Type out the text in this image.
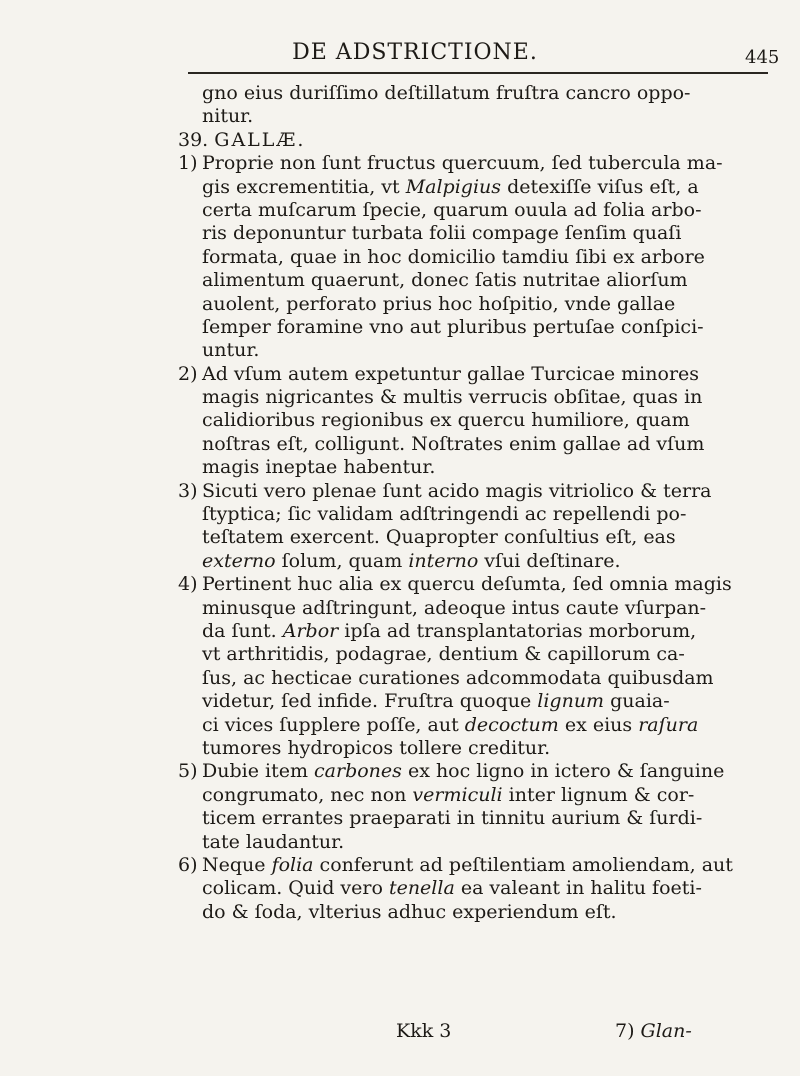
DE ADSTRICTIONE.	445
gno eius duriſſimo deſtillatum fruſtra cancro oppo-
nitur.
39. GALLÆ.
1) Proprie non ſunt fructus quercuum, ſed tubercula ma-
gis excrementitia, vt Malpigius detexiſſe viſus eſt, a
certa muſcarum ſpecie, quarum ouula ad folia arbo-
ris deponuntur turbata folii compage ſenſim quaſi
formata, quae in hoc domicilio tamdiu ſibi ex arbore
alimentum quaerunt, donec ſatis nutritae aliorſum
auolent, perforato prius hoc hoſpitio, vnde gallae
ſemper foramine vno aut pluribus pertuſae conſpici-
untur.
2) Ad vſum autem expetuntur gallae Turcicae minores
magis nigricantes & multis verrucis obſitae, quas in
calidioribus regionibus ex quercu humiliore, quam
noſtras eſt, colligunt. Noſtrates enim gallae ad vſum
magis ineptae habentur.
3) Sicuti vero plenae ſunt acido magis vitriolico & terra
ſtyptica; ſic validam adſtringendi ac repellendi po-
teſtatem exercent. Quapropter conſultius eſt, eas
externo ſolum, quam interno vſui deſtinare.
4) Pertinent huc alia ex quercu deſumta, ſed omnia magis
minusque adſtringunt, adeoque intus caute vſurpan-
da ſunt. Arbor ipſa ad transplantatorias morborum,
vt arthritidis, podagrae, dentium & capillorum ca-
ſus, ac hecticae curationes adcommodata quibusdam
videtur, ſed infide. Fruſtra quoque lignum guaia-
ci vices ſupplere poſſe, aut decoctum ex eius raſura
tumores hydropicos tollere creditur.
5) Dubie item carbones ex hoc ligno in ictero & ſanguine
congrumato, nec non vermiculi inter lignum & cor-
ticem errantes praeparati in tinnitu aurium & ſurdi-
tate laudantur.
6) Neque folia conferunt ad peſtilentiam amoliendam, aut
colicam. Quid vero tenella ea valeant in halitu foeti-
do & ſoda, vlterius adhuc experiendum eſt.
Kkk 3	7) Glan-
